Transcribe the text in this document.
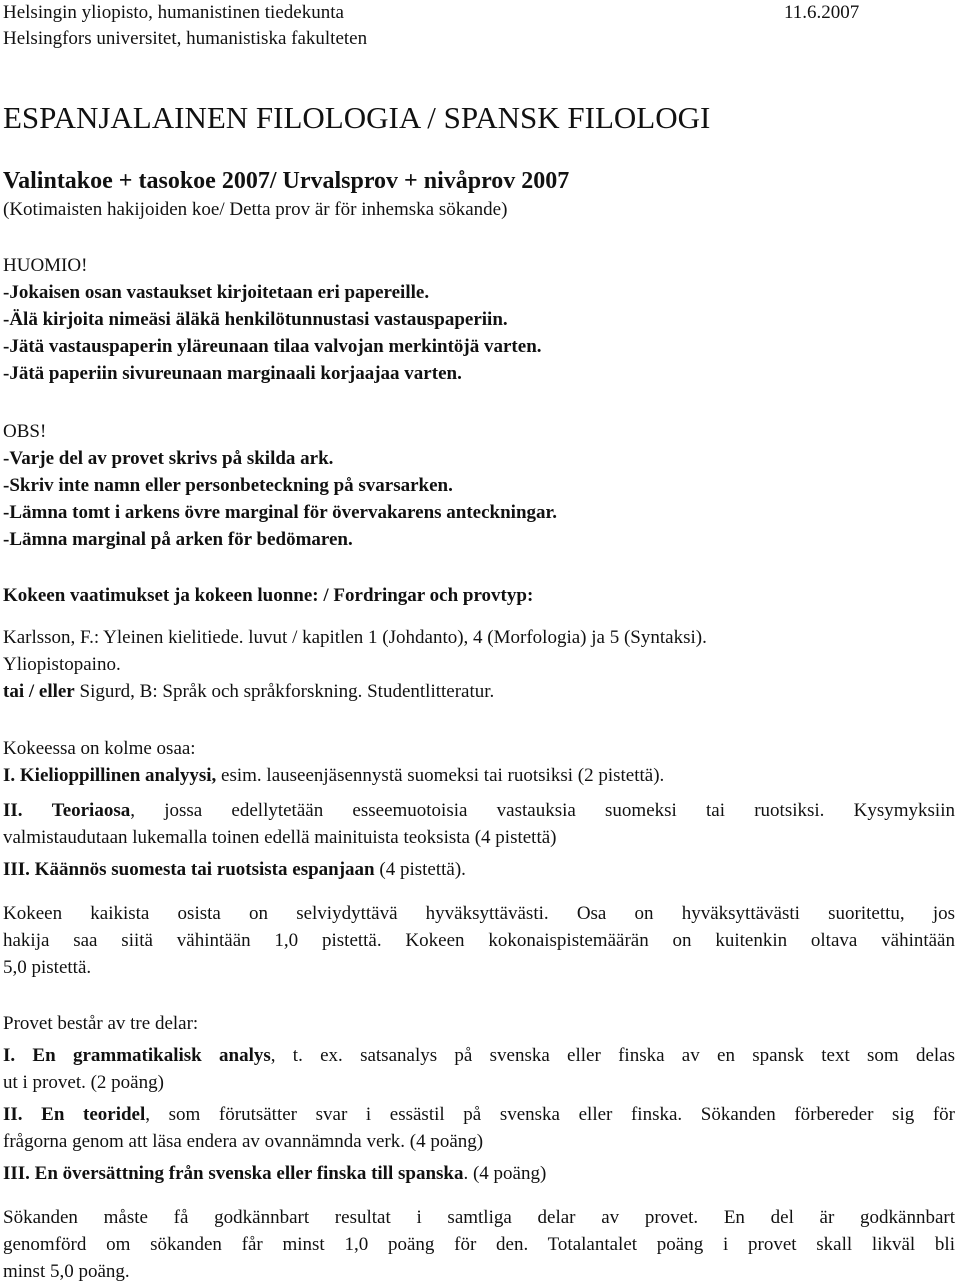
Helsingin yliopisto, humanistinen tiedekunta	11.6.2007
Helsingfors universitet, humanistiska fakulteten
ESPANJALAINEN FILOLOGIA / SPANSK FILOLOGI
Valintakoe + tasokoe 2007/ Urvalsprov + nivåprov 2007
(Kotimaisten hakijoiden koe/ Detta prov är för inhemska sökande)
HUOMIO!
-Jokaisen osan vastaukset kirjoitetaan eri papereille.
-Älä kirjoita nimeäsi äläkä henkilötunnustasi vastauspaperiin.
-Jätä vastauspaperin yläreunaan tilaa valvojan merkintöjä varten.
-Jätä paperiin sivureunaan marginaali korjaajaa varten.
OBS!
-Varje del av provet skrivs på skilda ark.
-Skriv inte namn eller personbeteckning på svarsarken.
-Lämna tomt i arkens övre marginal för övervakarens anteckningar.
-Lämna marginal på arken för bedömaren.
Kokeen vaatimukset ja kokeen luonne: / Fordringar och provtyp:
Karlsson, F.: Yleinen kielitiede. luvut / kapitlen 1 (Johdanto), 4 (Morfologia) ja 5 (Syntaksi).
Yliopistopaino.
tai / eller Sigurd, B: Språk och språkforskning. Studentlitteratur.
Kokeessa on kolme osaa:
I. Kielioppillinen analyysi, esim. lauseenjäsennystä suomeksi tai ruotsiksi (2 pistettä).
II. Teoriaosa, jossa edellytetään esseemuotoisia vastauksia suomeksi tai ruotsiksi. Kysymyksiin
valmistaudutaan lukemalla toinen edellä mainituista teoksista (4 pistettä)
III. Käännös suomesta tai ruotsista espanjaan (4 pistettä).
Kokeen kaikista osista on selviydyttävä hyväksyttävästi. Osa on hyväksyttävästi suoritettu, jos
hakija saa siitä vähintään 1,0 pistettä. Kokeen kokonaispistemäärän on kuitenkin oltava vähintään
5,0 pistettä.
Provet består av tre delar:
I. En grammatikalisk analys, t. ex. satsanalys på svenska eller finska av en spansk text som delas
ut i provet. (2 poäng)
II. En teoridel, som förutsätter svar i essästil på svenska eller finska. Sökanden förbereder sig för
frågorna genom att läsa endera av ovannämnda verk. (4 poäng)
III. En översättning från svenska eller finska till spanska. (4 poäng)
Sökanden måste få godkännbart resultat i samtliga delar av provet. En del är godkännbart
genomförd om sökanden får minst 1,0 poäng för den. Totalantalet poäng i provet skall likväl bli
minst 5,0 poäng.
